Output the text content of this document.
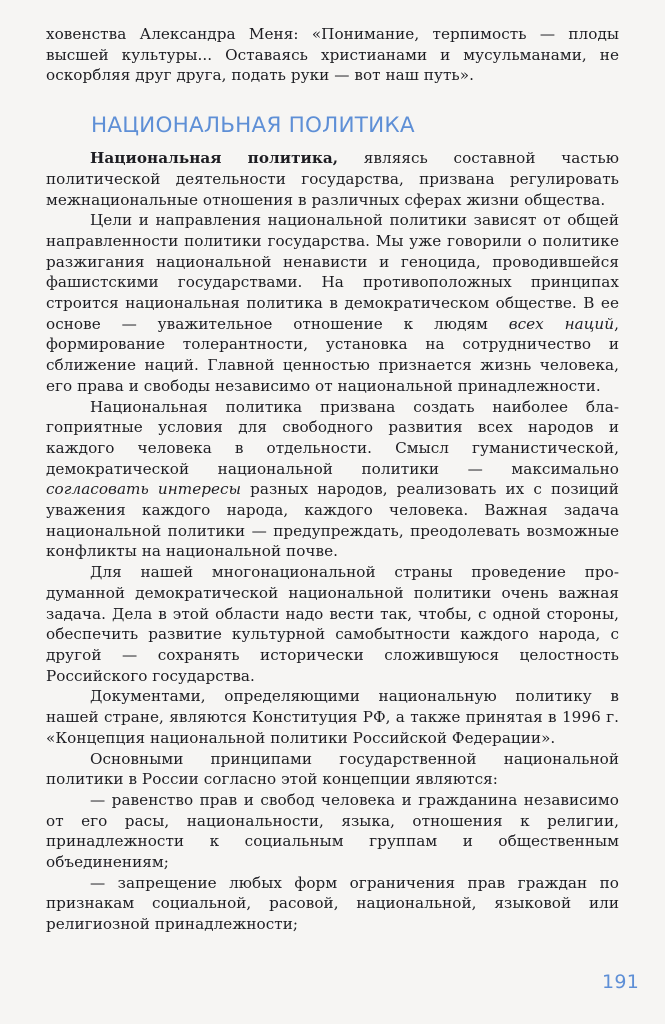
ховенства Александра Меня: «Понимание, терпимость — плоды высшей культуры... Оставаясь христианами и мусульманами, не оскорбляя друг друга, подать руки — вот наш путь».

НАЦИОНАЛЬНАЯ ПОЛИТИКА

Национальная политика, являясь составной частью политической деятельности государства, призвана регулировать межнациональные отношения в различных сферах жизни общества.

Цели и направления национальной политики зависят от общей направленности политики государства. Мы уже говорили о политике разжигания национальной ненависти и геноцида, проводившейся фашистскими государствами. На противоположных принципах строится национальная политика в демократическом обществе. В ее основе — уважительное отношение к людям всех наций, формирование толерантности, установка на сотрудничество и сближение наций. Главной ценностью признается жизнь человека, его права и свободы независимо от национальной принадлежности.

Национальная политика призвана создать наиболее благоприятные условия для свободного развития всех народов и каждого человека в отдельности. Смысл гуманистической, демократической национальной политики — максимально согласовать интересы разных народов, реализовать их с позиций уважения каждого народа, каждого человека. Важная задача национальной политики — предупреждать, преодолевать возможные конфликты на национальной почве.

Для нашей многонациональной страны проведение продуманной демократической национальной политики очень важная задача. Дела в этой области надо вести так, чтобы, с одной стороны, обеспечить развитие культурной самобытности каждого народа, с другой — сохранять исторически сложившуюся целостность Российского государства.

Документами, определяющими национальную политику в нашей стране, являются Конституция РФ, а также принятая в 1996 г. «Концепция национальной политики Российской Федерации».

Основными принципами государственной национальной политики в России согласно этой концепции являются:

— равенство прав и свобод человека и гражданина независимо от его расы, национальности, языка, отношения к религии, принадлежности к социальным группам и общественным объединениям;

— запрещение любых форм ограничения прав граждан по признакам социальной, расовой, национальной, языковой или религиозной принадлежности;

191
